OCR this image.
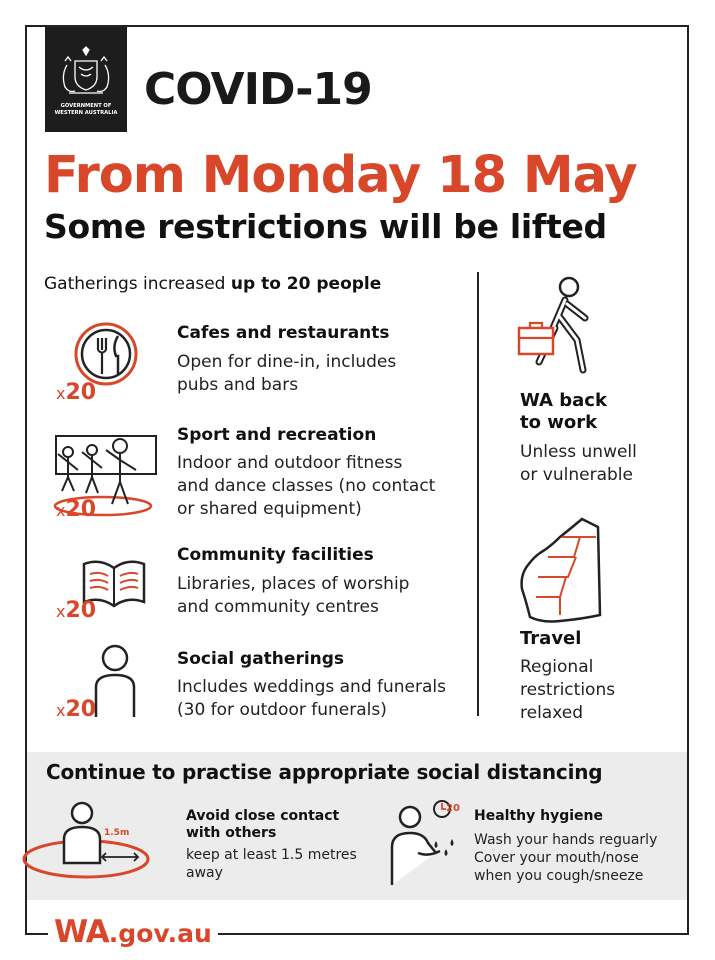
GOVERNMENT OF
WESTERN AUSTRALIA COVID-19
From Monday 18 May
Some restrictions will be lifted
Gatherings increased up to 20 people
x20
Cafes and restaurants
Open for dine-in, includes
pubs and bars
x20
Sport and recreation
Indoor and outdoor fitness
and dance classes (no contact
or shared equipment)
x20
Community facilities
Libraries, places of worship
and community centres
x20
Social gatherings
Includes weddings and funerals
(30 for outdoor funerals)
WA back
to work
Unless unwell
or vulnerable
Travel
Regional
restrictions
relaxed
Continue to practise appropriate social distancing
1.5m
Avoid close contact
with others
keep at least 1.5 metres
away
20 Healthy hygiene
Wash your hands reguarly
Cover your mouth/nose
when you cough/sneeze
WA.gov.au
